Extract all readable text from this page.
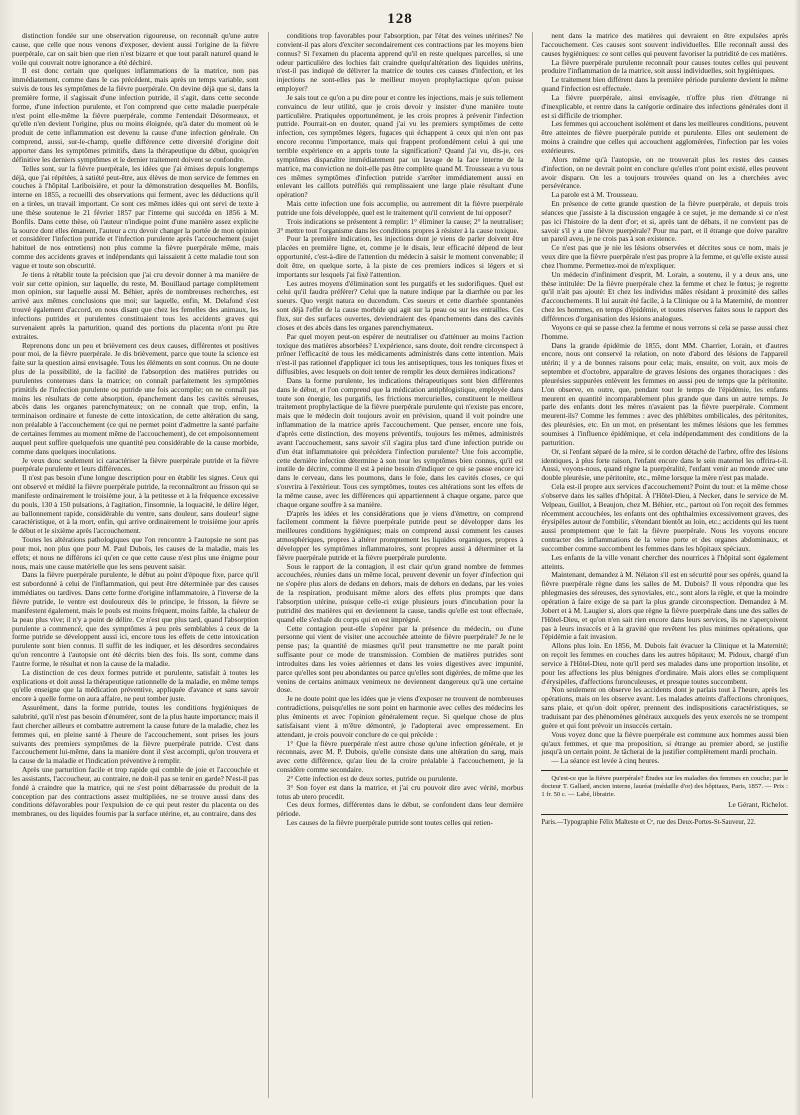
128

distinction fondée sur une observation rigoureuse, on reconnaît qu'une autre cause, que celle que nous venons d'exposer, devient aussi l'origine de la fièvre puerpérale, car on sait bien que rien n'est bizarre et que tout paraît naturel quand le voile qui couvrait notre ignorance a été déchiré.

Il est donc certain que quelques inflammations de la matrice, non pas immédiatement, comme dans le cas précédent, mais après un temps variable, sont suivis de tous les symptômes de la fièvre puerpérale. On devine déjà que si, dans la première forme, il s'agissait d'une infection putride, il s'agit, dans cette seconde forme, d'une infection purulente, et l'on comprend que cette maladie puerpérale n'est point elle-même la fièvre puerpérale, comme l'entendait Désormeaux, et qu'elle n'en devient l'origine, plus ou moins éloignée, qu'à dater du moment où le produit de cette inflammation est devenu la cause d'une infection générale. On comprend, aussi, sur-le-champ, quelle différence cette diversité d'origine doit apporter dans les symptômes primitifs, dans la thérapeutique du début, quoiqu'en définitive les derniers symptômes et le dernier traitement doivent se confondre.

Telles sont, sur la fièvre puerpérale, les idées que j'ai émises depuis longtemps déjà, que j'ai répétées, à satiété peut-être, aux élèves de mon service de femmes en couches à l'hôpital Lariboisière, et pour la démonstration desquelles M. Bonfils, interne en 1855, a recueilli des observations qui ferment, avec les déductions qu'il en a tirées, un travail important. Ce sont ces mêmes idées qui ont servi de texte à une thèse soutenue le 21 février 1857 par l'interne qui succéda en 1856 à M. Bonfils. Dans cette thèse, où l'auteur n'indique point d'une manière assez explicite la source dont elles émanent, l'auteur a cru devoir changer la portée de mon opinion et considérer l'infection putride et l'infection purulente après l'accouchement (sujet habituel de nos entretiens) non plus comme la fièvre puerpérale même, mais comme des accidents graves et indépendants qui laissaient à cette maladie tout son vague et toute son obscurité.

Je tiens à rétablir toute la précision que j'ai cru devoir donner à ma manière de voir sur cette opinion, sur laquelle, du reste, M. Bouillaud partage complètement mon opinion, sur laquelle aussi M. Béhier, après de nombreuses recherches, est arrivé aux mêmes conclusions que moi; sur laquelle, enfin, M. Delafond s'est trouvé également d'accord, en nous disant que chez les femelles des animaux, les infections putrides et purulentes constituaient tous les accidents graves qui survenaient après la parturition, quand des portions du placenta n'ont pu être extraites.

Reprenons donc un peu et brièvement ces deux causes, différentes et positives pour moi, de la fièvre puerpérale. Je dis brièvement, parce que toute la science est faite sur la question ainsi envisagée. Tous les éléments en sont connus. On ne doute plus de la possibilité, de la facilité de l'absorption des matières putrides ou purulentes contenues dans la matrice; on connaît parfaitement les symptômes primitifs de l'infection purulente ou putride une fois accomplie; on ne connaît pas moins les résultats de cette absorption, épanchement dans les cavités séreuses, abcès dans les organes parenchymateux; on ne connaît que trop, enfin, la terminaison ordinaire et funeste de cette intoxication, de cette altération du sang, non préalable à l'accouchement (ce qui ne permet point d'admettre la santé parfaite de certaines femmes au moment même de l'accouchement), de cet empoisonnement auquel peut suffire quelquefois une quantité peu considérable de la cause morbide, comme dans quelques inoculations.

Je veux donc seulement ici caractériser la fièvre puerpérale putride et la fièvre puerpérale purulente et leurs différences.

Il n'est pas besoin d'une longue description pour en établir les signes. Ceux qui ont observé et médité la fièvre puerpérale putride, la reconnaîtront au frisson qui se manifeste ordinairement le troisième jour, à la petitesse et à la fréquence excessive du pouls, 130 à 150 pulsations, à l'agitation, l'insomnie, la loquacité, le délire léger, au ballonnement rapide, considérable du ventre, sans douleur, sans douleur! signe caractéristique, et à la mort, enfin, qui arrive ordinairement le troisième jour après le début et le sixième après l'accouchement.

Toutes les altérations pathologiques que l'on rencontre à l'autopsie ne sont pas pour moi, non plus que pour M. Paul Dubois, les causes de la maladie, mais les effets; et nous ne différons ici qu'en ce que cette cause n'est plus une énigme pour nous, mais une cause matérielle que les sens peuvent saisir.

Dans la fièvre puerpérale purulente, le début au point d'époque fixe, parce qu'il est subordonné à celui de l'inflammation, qui peut être déterminée par des causes immédiates ou tardives. Dans cette forme d'origine inflammatoire, à l'inverse de la fièvre putride, le ventre est douloureux dès le principe, le frisson, la fièvre se manifestent également, mais le pouls est moins fréquent, moins faible, la chaleur de la peau plus vive; il n'y a point de délire. Ce n'est que plus tard, quand l'absorption purulente a commencé, que des symptômes à peu près semblables à ceux de la forme putride se développent aussi ici, encore tous les effets de cette intoxication purulente sont bien connus. Il suffit de les indiquer, et les désordres secondaires qu'on rencontre à l'autopsie ont été décrits bien des fois. Ils sont, comme dans l'autre forme, le résultat et non la cause de la maladie.

La distinction de ces deux formes putride et purulente, satisfait à toutes les explications et doit aussi la thérapeutique rationnelle de la maladie, en même temps qu'elle enseigne que la médication préventive, appliquée d'avance et sans savoir encore à quelle forme on aura affaire, ne peut tomber juste.

Assurément, dans la forme putride, toutes les conditions hygiéniques de salubrité, qu'il n'est pas besoin d'énumérer, sont de la plus haute importance; mais il faut chercher ailleurs et combattre autrement la cause future de la maladie, chez les femmes qui, en pleine santé à l'heure de l'accouchement, sont prises les jours suivants des premiers symptômes de la fièvre puerpérale putride. C'est dans l'accouchement lui-même, dans la manière dont il s'est accompli, qu'on trouvera et la cause de la maladie et l'indication préventive à remplir.

Après une parturition facile et trop rapide qui comble de joie et l'accouchée et les assistants, l'accoucheur, au contraire, ne doit-il pas se tenir en garde? N'est-il pas fondé à craindre que la matrice, qui ne s'est point débarrassée du produit de la conception par des contractions assez multipliées, ne se trouve aussi dans des conditions défavorables pour l'expulsion de ce qui peut rester du placenta ou des membranes, ou des liquides fournis par la surface utérine, et, au contraire, dans des

conditions trop favorables pour l'absorption, par l'état des veines utérines? Ne convient-il pas alors d'exciter secondairement ces contractions par les moyens bien connus? Si l'examen du placenta apprend qu'il en reste quelques parcelles, si une odeur particulière des lochies fait craindre quelqu'altération des liquides utérins, n'est-il pas indiqué de délivrer la matrice de toutes ces causes d'infection, et les injections ne sont-elles pas le meilleur moyen prophylactique qu'on puisse employer?

Je sais tout ce qu'on a pu dire pour et contre les injections, mais je suis tellement convaincu de leur utilité, que je crois devoir y insister d'une manière toute particulière. Pratiquées opportunément, je les crois propres à prévenir l'infection putride. Pourrait-on en douter, quand j'ai vu les premiers symptômes de cette infection, ces symptômes légers, fugaces qui échappent à ceux qui n'en ont pas encore reconnu l'importance, mais qui frappent profondément celui à qui une terrible expérience en a appris toute la signification? Quand j'ai vu, dis-je, ces symptômes disparaître immédiatement par un lavage de la face interne de la matrice, ma conviction ne doit-elle pas être complète quand M. Trousseau a vu tous ces mêmes symptômes d'infection putride s'arrêter immédiatement aussi en enlevant les caillots putréfiés qui remplissaient une large plaie résultant d'une opération?

Mais cette infection une fois accomplie, ou autrement dit la fièvre puerpérale putride une fois développée, quel est le traitement qu'il convient de lui opposer?

Trois indications se présentent à remplir: 1° éliminer la cause; 2° la neutraliser; 3° mettre tout l'organisme dans les conditions propres à résister à la cause toxique.

Pour la première indication, les injections dont je viens de parler doivent être placées en première ligne, et, comme je le disais, leur efficacité dépend de leur opportunité, c'est-à-dire de l'attention du médecin à saisir le moment convenable; il doit être, en quelque sorte, à la piste de ces premiers indices si légers et si importants sur lesquels j'ai fixé l'attention.

Les autres moyens d'élimination sont les purgatifs et les sudorifiques. Quel est celui qu'il faudra préférer? Celui que la nature indique par la diarrhée ou par les sueurs. Quo vergit natura eo ducendum. Ces sueurs et cette diarrhée spontanées sont déjà l'effet de la cause morbide qui agit sur la peau ou sur les entrailles. Ces flux, sur des surfaces ouvertes, deviendraient des épanchements dans des cavités closes et des abcès dans les organes parenchymateux.

Par quel moyen peut-on espérer de neutraliser ou d'atténuer au moins l'action toxique des matières absorbées? L'expérience, sans doute, doit rendre circonspect à prôner l'efficacité de tous les médicaments administrés dans cette intention. Mais n'est-il pas rationnel d'appliquer ici tous les antiseptiques, tous les toniques fixes et diffusibles, avec lesquels on doit tenter de remplir les deux dernières indications?

Dans la forme purulente, les indications thérapeutiques sont bien différentes dans le début, et l'on comprend que la médication antiphlogistique, employée dans toute son énergie, les purgatifs, les frictions mercurielles, constituent le meilleur traitement prophylactique de la fièvre puerpérale purulente qui n'existe pas encore, mais que le médecin doit toujours avoir en prévision, quand il voit poindre une inflammation de la matrice après l'accouchement. Que penser, encore une fois, d'après cette distinction, des moyens préventifs, toujours les mêmes, administrés avant l'accouchement, sans savoir s'il s'agira plus tard d'une infection putride ou d'un état inflammatoire qui précédera l'infection purulente? Une fois accomplie, cette dernière infection détermine à son tour les symptômes bien connus, qu'il est inutile de décrire, comme il est à peine besoin d'indiquer ce qui se passe encore ici dans le cerveau, dans les poumons, dans le foie, dans les cavités closes, ce qui s'ouvrira à l'extérieur. Tous ces symptômes, toutes ces altérations sont les effets de la même cause, avec les différences qui appartiennent à chaque organe, parce que chaque organe souffre à sa manière.

D'après les idées et les considérations que je viens d'émettre, on comprend facilement comment la fièvre puerpérale putride peut se développer dans les meilleures conditions hygiéniques; mais on comprend aussi comment les causes atmosphériques, propres à altérer promptement les liquides organiques, propres à développer les symptômes inflammatoires, sont propres aussi à déterminer et la fièvre puerpérale putride et la fièvre puerpérale purulente.

Sous le rapport de la contagion, il est clair qu'un grand nombre de femmes accouchées, réunies dans un même local, peuvent devenir un foyer d'infection qui ne s'opère plus alors de dedans en dehors, mais de dehors en dedans, par les voies de la respiration, produisant même alors des effets plus prompts que dans l'absorption utérine, puisque celle-ci exige plusieurs jours d'incubation pour la putridité des matières qui en deviennent la cause, tandis qu'elle est tout effectuée, quand elle s'exhale du corps qui en est imprégné.

Cette contagion peut-elle s'opérer par la présence du médecin, ou d'une personne qui vient de visiter une accouchée atteinte de fièvre puerpérale? Je ne le pense pas; la quantité de miasmes qu'il peut transmettre ne me paraît point suffisante pour ce mode de transmission. Combien de matières putrides sont introduites dans les voies aériennes et dans les voies digestives avec impunité, parce qu'elles sont peu abondantes ou parce qu'elles sont digérées, de même que les venins de certains animaux venimeux ne deviennent dangereux qu'à une certaine dose.

Je ne doute point que les idées que je viens d'exposer ne trouvent de nombreuses contradictions, puisqu'elles ne sont point en harmonie avec celles des médecins les plus éminents et avec l'opinion généralement reçue. Si quelque chose de plus satisfaisant vient à m'être démontré, je l'adopterai avec empressement. En attendant, je crois pouvoir conclure de ce qui précède :

1° Que la fièvre puerpérale n'est autre chose qu'une infection générale, et je reconnais, avec M. P. Dubois, qu'elle consiste dans une altération du sang, mais avec cette différence, qu'au lieu de la croire préalable à l'accouchement, je la considère comme secondaire.

2° Cette infection est de deux sortes, putride ou purulente.

3° Son foyer est dans la matrice, et j'ai cru pouvoir dire avec vérité, morbus totus ab utero procedit.

Ces deux formes, différentes dans le début, se confondent dans leur dernière période.

Les causes de la fièvre puerpérale putride sont toutes celles qui retien-

nent dans la matrice des matières qui devraient en être expulsées après l'accouchement. Ces causes sont souvent individuelles. Elle reconnaît aussi des causes hygiéniques: ce sont celles qui peuvent favoriser la putridité de ces matières.

La fièvre puerpérale purulente reconnaît pour causes toutes celles qui peuvent produire l'inflammation de la matrice, soit aussi individuelles, soit hygiéniques.

Le traitement bien différent dans la première période purulente devient le même quand l'infection est effectuée.

La fièvre puerpérale, ainsi envisagée, n'offre plus rien d'étrange ni d'inexplicable, et rentre dans la catégorie ordinaire des infections générales dont il est si difficile de triompher.

Les femmes qui accouchent isolément et dans les meilleures conditions, peuvent être atteintes de fièvre puerpérale putride et purulente. Elles ont seulement de moins à craindre que celles qui accouchent agglomérées, l'infection par les voies extérieures.

Alors même qu'à l'autopsie, on ne trouverait plus les restes des causes d'infection, on ne devrait point en conclure qu'elles n'ont point existé, elles peuvent avoir disparu. On les a toujours trouvées quand on les a cherchées avec persévérance.

La parole est à M. Trousseau.

En présence de cette grande question de la fièvre puerpérale, et depuis trois séances que j'assiste à la discussion engagée à ce sujet, je me demande si ce n'est pas ici l'histoire de la dent d'or; et si, après tant de débats, il ne convient pas de savoir s'il y a une fièvre puerpérale? Pour ma part, et il étrange que doive paraître un pareil aveu, je ne crois pas à son existence.

Ce n'est pas que je nie les lésions observées et décrites sous ce nom, mais je veux dire que la fièvre puerpérale n'est pas propre à la femme, et qu'elle existe aussi chez l'homme. Permettez-moi de m'expliquer.

Un médecin d'infiniment d'esprit, M. Lorain, a soutenu, il y a deux ans, une thèse intitulée: De la fièvre puerpérale chez la femme et chez le fœtus; je regrette qu'il n'ait pas ajouté: Et chez les individus mâles résidant à proximité des salles d'accouchements. Il lui aurait été facile, à la Clinique ou à la Maternité, de montrer chez les hommes, en temps d'épidémie, et toutes réserves faites sous le rapport des différences d'organisation des lésions analogues.

Voyons ce qui se passe chez la femme et nous verrons si cela se passe aussi chez l'homme.

Dans la grande épidémie de 1855, dont MM. Charrier, Lorain, et d'autres encore, nous ont conservé la relation, on note d'abord des lésions de l'appareil utérin; il y a de bonnes raisons pour cela; mais, ensuite, on voit, aux mois de septembre et d'octobre, apparaître de graves lésions des organes thoraciques : des pleurésies suppurées enlèvent les femmes en aussi peu de temps que la péritonite. L'on observe, en outre, que, pendant tout le temps de l'épidémie, les enfants meurent en quantité incomparablement plus grande que dans un autre temps. Je parle des enfants dont les mères n'avaient pas la fièvre puerpérale. Comment meurent-ils? Comme les femmes : avec des phlébites ombilicales, des péritonites, des pleurésies, etc. En un mot, en présentant les mêmes lésions que les femmes soumises à l'influence épidémique, et cela indépendamment des conditions de la parturition.

Or, si l'enfant séparé de la mère, si le cordon détaché de l'arbre, offre des lésions identiques, à plus forte raison, l'enfant encore dans le sein maternel les offrira-t-il. Aussi, voyons-nous, quand règne la puerpéralité, l'enfant venir au monde avec une double pleurésie, une péritonite, etc., même lorsque la mère n'est pas malade.

Cela est-il propre aux services d'accouchement? Point du tout: et la même chose s'observe dans les salles d'hôpital. À l'Hôtel-Dieu, à Necker, dans le service de M. Velpeau, Guillot, à Beaujon, chez M. Béhier, etc., partout où l'on reçoit des femmes récemment accouchées, les enfants ont des ophthalmies excessivement graves, des érysipèles autour de l'ombilic, s'étendant bientôt au loin, etc.; accidents qui les tuent aussi promptement que le fait la fièvre puerpérale. Nous les voyons encore contracter des inflammations de la veine porte et des organes abdominaux, et succomber comme succombent les femmes dans les hôpitaux spéciaux.

Les enfants de la ville venant chercher des nourrices à l'hôpital sont également atteints.

Maintenant, demandez à M. Nélaton s'il est en sécurité pour ses opérés, quand la fièvre puerpérale règne dans les salles de M. Dubois? Il vous répondra que les phlegmasies des séreuses, des synoviales, etc., sont alors la règle, et que la moindre opération à faire exige de sa part la plus grande circonspection. Demandez à M. Jobert et à M. Laugier si, alors que règne la fièvre puerpérale dans une des salles de l'Hôtel-Dieu, et qu'on n'en sait rien encore dans leurs services, ils ne s'aperçoivent pas à leurs insuccès et à la gravité que revêtent les plus minimes opérations, que l'épidémie a fait invasion.

Allons plus loin. En 1856, M. Dubois fait évacuer la Clinique et la Maternité; on reçoit les femmes en couches dans les autres hôpitaux; M. Pidoux, chargé d'un service à l'Hôtel-Dieu, note qu'il perd ses malades dans une proportion insolite, et pour les affections les plus bénignes d'ordinaire. Mais alors elles se compliquent d'érysipèles, d'affections furonculeuses, et presque toutes succombent.

Non seulement on observe les accidents dont je parlais tout à l'heure, après les opérations, mais on les observe avant. Les malades atteints d'affections chroniques, sans plaie, et qu'on doit opérer, prennent des indispositions caractéristiques, se traduisant par des phénomènes généraux auxquels des yeux exercés ne se trompent guère et qui font prévoir un insuccès certain.

Vous voyez donc que la fièvre puerpérale est commune aux hommes aussi bien qu'aux femmes, et que ma proposition, si étrange au premier abord, se justifie jusqu'à un certain point. Je tâcherai de la justifier complètement mardi prochain.

— La séance est levée à cinq heures.

Qu'est-ce que la fièvre puerpérale? Études sur les maladies des femmes en couche; par le docteur T. Gallard, ancien interne, lauréat (médaille d'or) des hôpitaux, Paris, 1857. — Prix : 1 fr. 50 c. — Labé, librairie.

Le Gérant, Richelot.

Paris.—Typographie Félix Malteste et Cᵉ, rue des Deux-Portes-St-Sauveur, 22.
